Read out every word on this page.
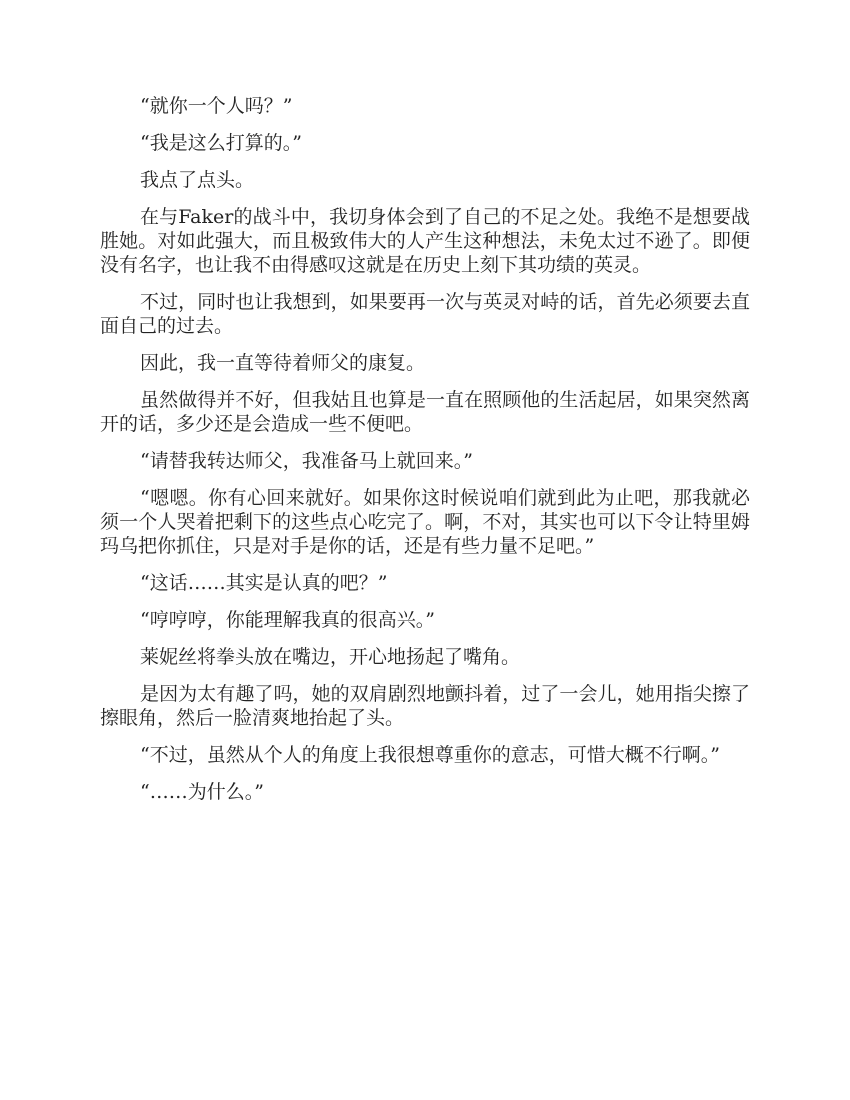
“就你一个人吗？”

“我是这么打算的。”

我点了点头。

在与Faker的战斗中，我切身体会到了自己的不足之处。我绝不是想要战胜她。对如此强大，而且极致伟大的人产生这种想法，未免太过不逊了。即便没有名字，也让我不由得感叹这就是在历史上刻下其功绩的英灵。

不过，同时也让我想到，如果要再一次与英灵对峙的话，首先必须要去直面自己的过去。

因此，我一直等待着师父的康复。

虽然做得并不好，但我姑且也算是一直在照顾他的生活起居，如果突然离开的话，多少还是会造成一些不便吧。

“请替我转达师父，我准备马上就回来。”

“嗯嗯。你有心回来就好。如果你这时候说咱们就到此为止吧，那我就必须一个人哭着把剩下的这些点心吃完了。啊，不对，其实也可以下令让特里姆玛乌把你抓住，只是对手是你的话，还是有些力量不足吧。”

“这话……其实是认真的吧？”

“哼哼哼，你能理解我真的很高兴。”

莱妮丝将拳头放在嘴边，开心地扬起了嘴角。

是因为太有趣了吗，她的双肩剧烈地颤抖着，过了一会儿，她用指尖擦了擦眼角，然后一脸清爽地抬起了头。

“不过，虽然从个人的角度上我很想尊重你的意志，可惜大概不行啊。”

“……为什么。”
